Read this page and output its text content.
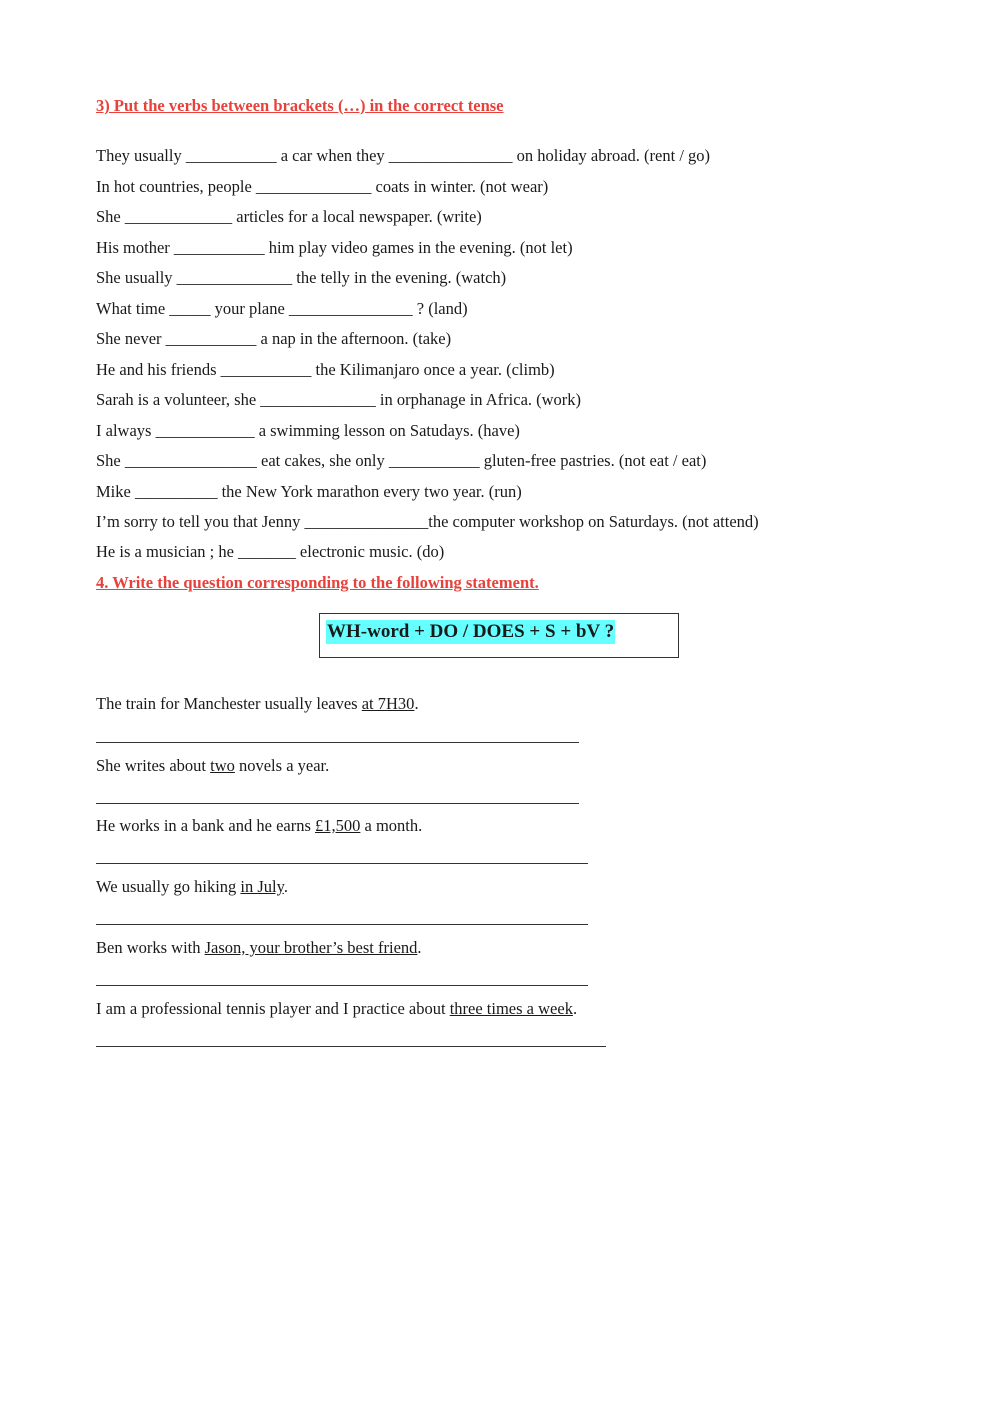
3) Put the verbs between brackets (…) in the correct tense
They usually ___________ a car when they _______________ on holiday abroad. (rent / go)
In hot countries, people ______________ coats in winter. (not wear)
She _____________ articles for a local newspaper. (write)
His mother ___________ him play video games in the evening. (not let)
She usually ______________ the telly in the evening. (watch)
What time _____ your plane _______________ ? (land)
She never ___________ a nap in the afternoon. (take)
He and his friends ___________ the Kilimanjaro once a year. (climb)
Sarah is a volunteer, she ______________ in orphanage in Africa. (work)
I always ____________ a swimming lesson on Satudays. (have)
She ________________ eat cakes, she only ___________ gluten-free pastries. (not eat / eat)
Mike __________ the New York marathon every two year. (run)
I’m sorry to tell you that Jenny _______________the computer workshop on Saturdays. (not attend)
He is a musician ; he _______ electronic music. (do)
4. Write the question corresponding to the following statement.
WH-word + DO / DOES + S + bV ?
The train for Manchester usually leaves at 7H30.
She writes about two novels a year.
He works in a bank and he earns £1,500 a month.
We usually go hiking in July.
Ben works with Jason, your brother’s best friend.
I am a professional tennis player and I practice about three times a week.
